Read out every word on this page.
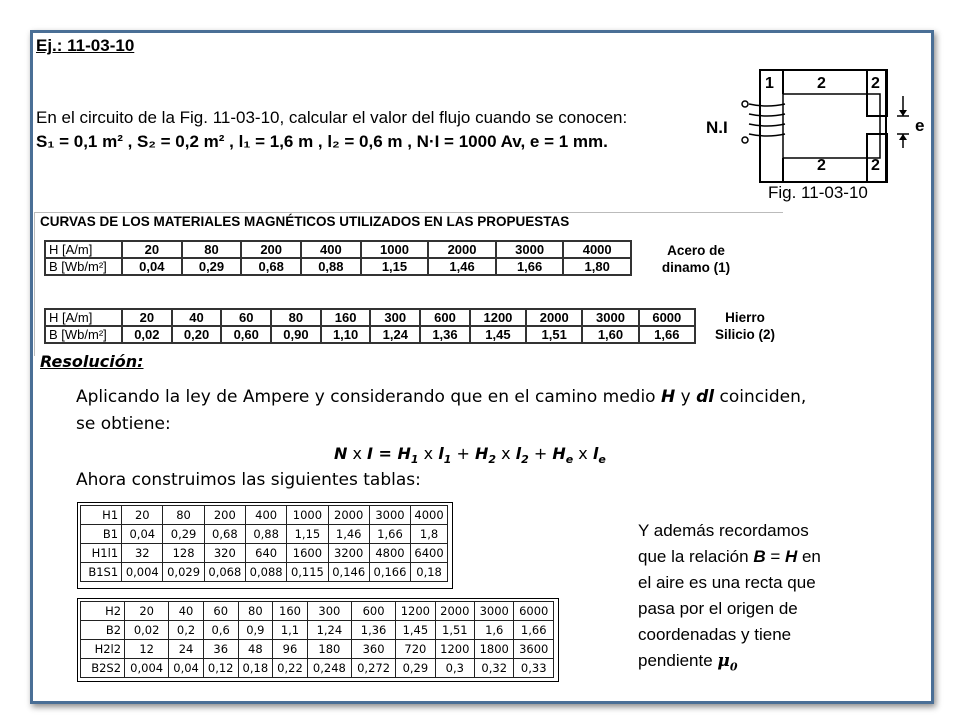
Ej.: 11-03-10
En el circuito de la Fig. 11-03-10, calcular el valor del flujo cuando se conocen:
S₁ = 0,1 m² , S₂ = 0,2 m² , l₁ = 1,6 m , l₂ = 0,6 m , N·I = 1000 Av, e = 1 mm.
N.I
1	2	2
2	2
e
Fig. 11-03-10
CURVAS DE LOS MATERIALES MAGNÉTICOS UTILIZADOS EN LAS PROPUESTAS
H [A/m]	20	80	200	400	1000	2000	3000	4000
B [Wb/m²]	0,04	0,29	0,68	0,88	1,15	1,46	1,66	1,80
Acero de
dinamo (1)
H [A/m]	20	40	60	80	160	300	600	1200	2000	3000	6000
B [Wb/m²]	0,02	0,20	0,60	0,90	1,10	1,24	1,36	1,45	1,51	1,60	1,66
Hierro
Silicio (2)
Resolución:
Aplicando la ley de Ampere y considerando que en el camino medio H y dl coinciden,
se obtiene:
N x $I = H_1$ x $l_1 + H_2$ x $l_2 + H_e$ x $l_e$
Ahora construimos las siguientes tablas:
H1	20	80	200	400	1000	2000	3000	4000
B1	0,04	0,29	0,68	0,88	1,15	1,46	1,66	1,8
H1l1	32	128	320	640	1600	3200	4800	6400
B1S1	0,004	0,029	0,068	0,088	0,115	0,146	0,166	0,18
H2	20	40	60	80	160	300	600	1200	2000	3000	6000
B2	0,02	0,2	0,6	0,9	1,1	1,24	1,36	1,45	1,51	1,6	1,66
H2l2	12	24	36	48	96	180	360	720	1200	1800	3600
B2S2	0,004	0,04	0,12	0,18	0,22	0,248	0,272	0,29	0,3	0,32	0,33
Y además recordamos
que la relación B = H en
el aire es una recta que
pasa por el origen de
coordenadas y tiene
pendiente $\mu_0$
